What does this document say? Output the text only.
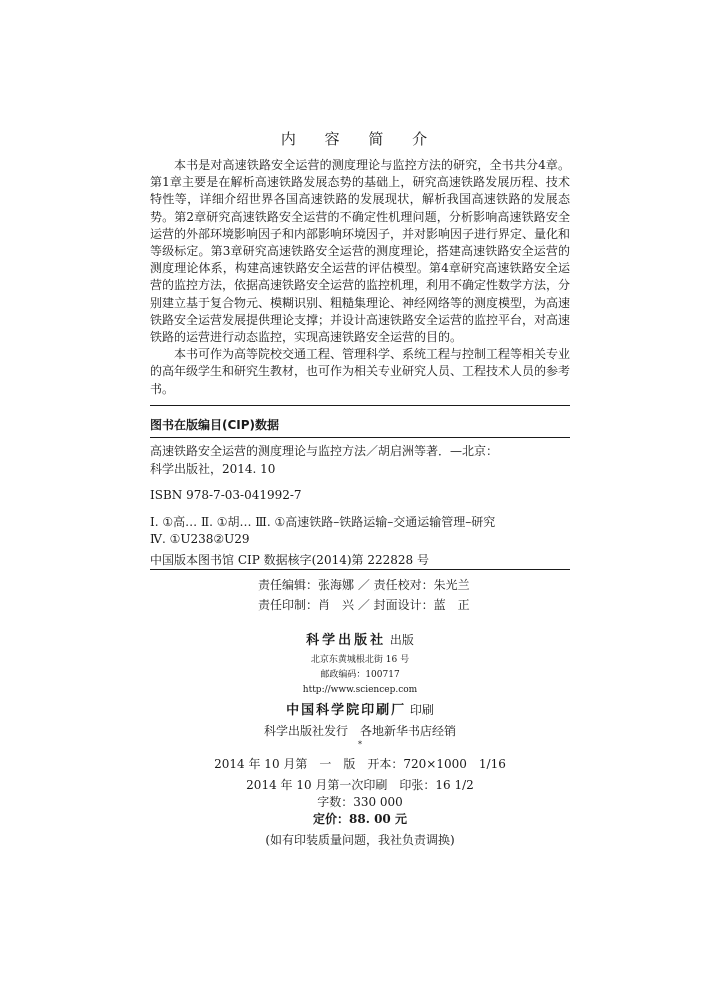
内 容 简 介

本书是对高速铁路安全运营的测度理论与监控方法的研究，全书共分4章。第1章主要是在解析高速铁路发展态势的基础上，研究高速铁路发展历程、技术特性等，详细介绍世界各国高速铁路的发展现状，解析我国高速铁路的发展态势。第2章研究高速铁路安全运营的不确定性机理问题，分析影响高速铁路安全运营的外部环境影响因子和内部影响环境因子，并对影响因子进行界定、量化和等级标定。第3章研究高速铁路安全运营的测度理论，搭建高速铁路安全运营的测度理论体系，构建高速铁路安全运营的评估模型。第4章研究高速铁路安全运营的监控方法，依据高速铁路安全运营的监控机理，利用不确定性数学方法，分别建立基于复合物元、模糊识别、粗糙集理论、神经网络等的测度模型，为高速铁路安全运营发展提供理论支撑；并设计高速铁路安全运营的监控平台，对高速铁路的运营进行动态监控，实现高速铁路安全运营的目的。

本书可作为高等院校交通工程、管理科学、系统工程与控制工程等相关专业的高年级学生和研究生教材，也可作为相关专业研究人员、工程技术人员的参考书。

图书在版编目(CIP)数据

高速铁路安全运营的测度理论与监控方法／胡启洲等著．—北京：

科学出版社，2014. 10

ISBN 978-7-03-041992-7

Ⅰ. ①高… Ⅱ. ①胡… Ⅲ. ①高速铁路–铁路运输–交通运输管理–研究

Ⅳ. ①U238②U29

中国版本图书馆 CIP 数据核字(2014)第 222828 号

责任编辑：张海娜 ／ 责任校对：朱光兰
责任印制：肖　兴 ／ 封面设计：蓝　正
科学出版社 出版
北京东黄城根北街 16 号
邮政编码：100717
http://www.sciencep.com
中国科学院印刷厂 印刷
科学出版社发行　各地新华书店经销
*
2014 年 10 月第　一　版　开本：720×1000　1/16
2014 年 10 月第一次印刷　印张：16 1/2
字数：330 000
定价：88. 00 元
(如有印装质量问题，我社负责调换)
